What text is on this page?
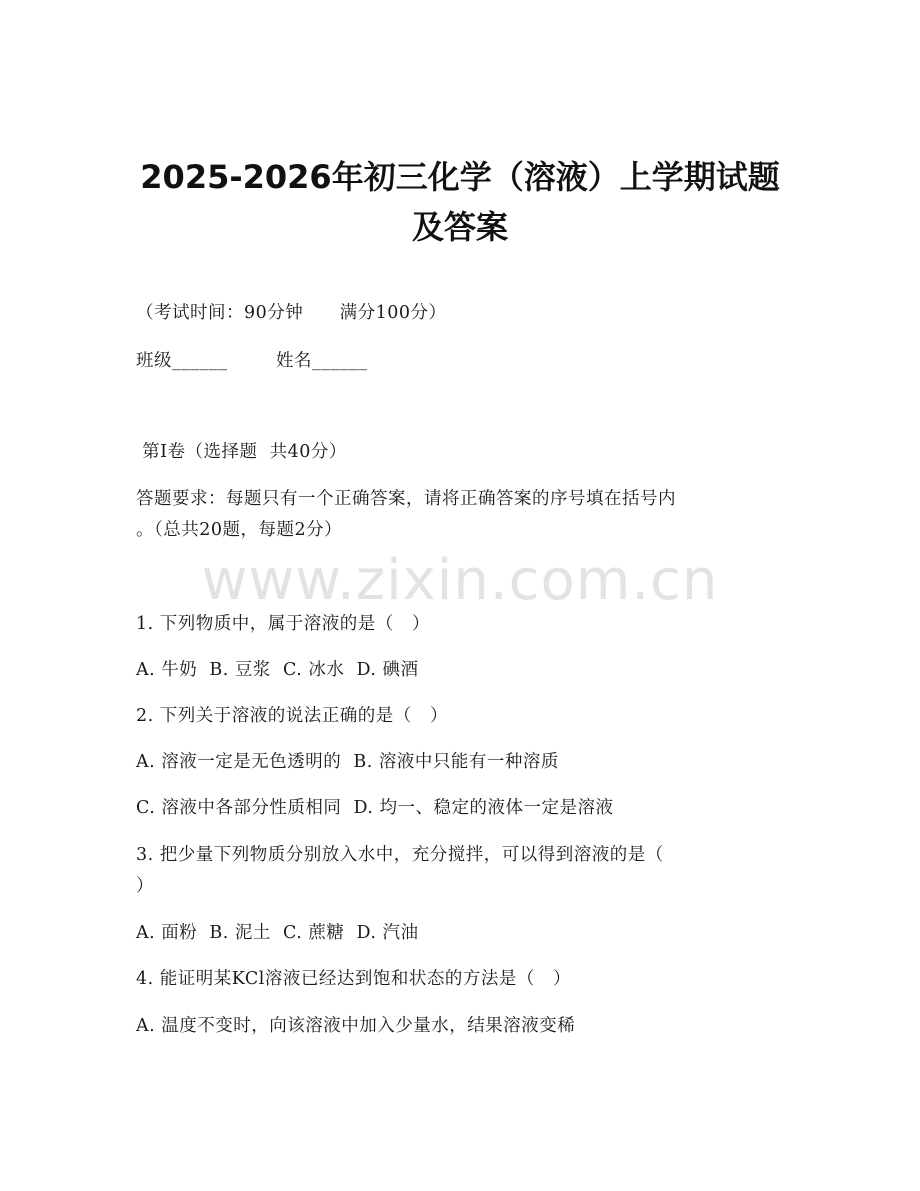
2025-2026年初三化学（溶液）上学期试题
及答案
（考试时间：90分钟      满分100分）
班级______        姓名______
第I卷（选择题  共40分）
答题要求：每题只有一个正确答案，请将正确答案的序号填在括号内
。（总共20题，每题2分）
www.zixin.com.cn
1. 下列物质中，属于溶液的是（   ）
A. 牛奶  B. 豆浆  C. 冰水  D. 碘酒
2. 下列关于溶液的说法正确的是（   ）
A. 溶液一定是无色透明的  B. 溶液中只能有一种溶质
C. 溶液中各部分性质相同  D. 均一、稳定的液体一定是溶液
3. 把少量下列物质分别放入水中，充分搅拌，可以得到溶液的是（
）
A. 面粉  B. 泥土  C. 蔗糖  D. 汽油
4. 能证明某KCl溶液已经达到饱和状态的方法是（   ）
A. 温度不变时，向该溶液中加入少量水，结果溶液变稀
